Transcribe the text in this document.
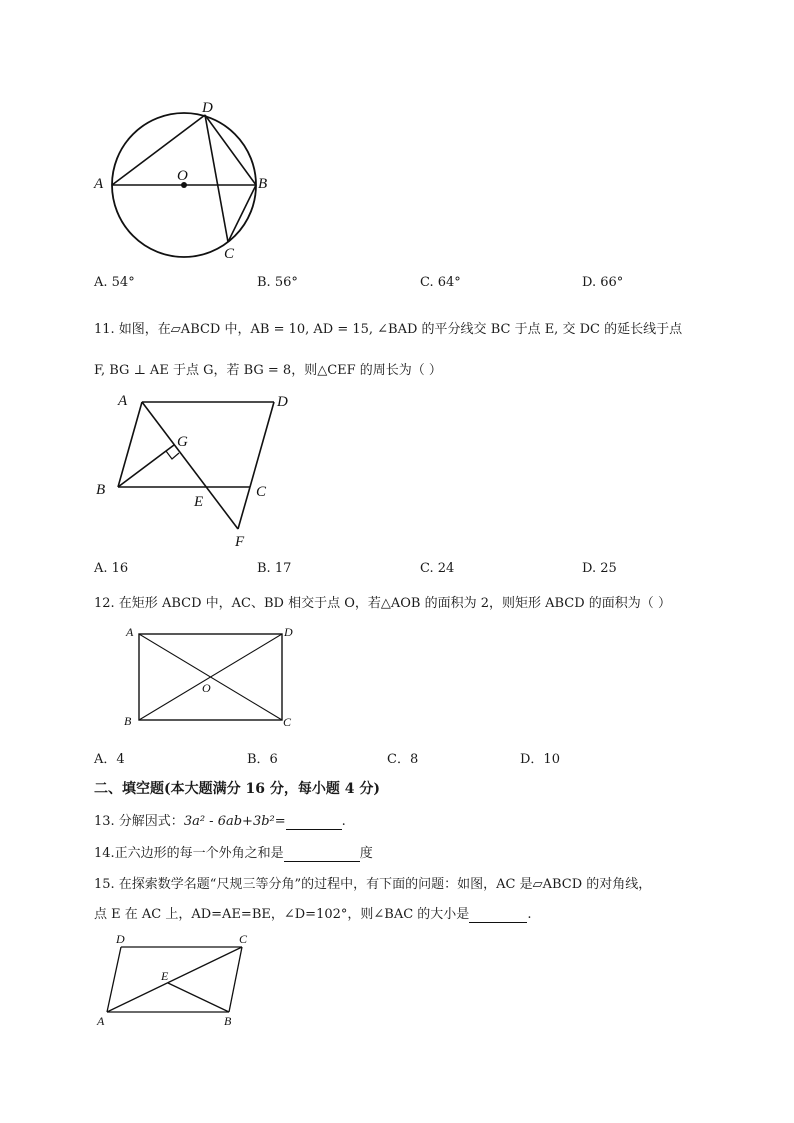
A	B
C
D
O
A. 54°	B. 56°	C. 64°	D. 66°
11. 如图，在▱ABCD 中，AB = 10, AD = 15, ∠BAD 的平分线交 BC 于点 E, 交 DC 的延长线于点
F, BG ⊥ AE 于点 G，若 BG = 8，则△CEF 的周长为（ ）
A	D
G
B	C
E
F
A. 16	B. 17	C. 24	D. 25
12. 在矩形 ABCD 中，AC、BD 相交于点 O，若△AOB 的面积为 2，则矩形 ABCD 的面积为（ ）
A	D
O
B	C
A．4	B．6	C．8	D．10
二、填空题(本大题满分 16 分，每小题 4 分)
13. 分解因式：3a² - 6ab+3b²=	.
14.正六边形的每一个外角之和是	度
15. 在探索数学名题“尺规三等分角”的过程中，有下面的问题：如图，AC 是▱ABCD 的对角线，
点 E 在 AC 上，AD=AE=BE，∠D=102°，则∠BAC 的大小是	.
D	C
E
A	B
